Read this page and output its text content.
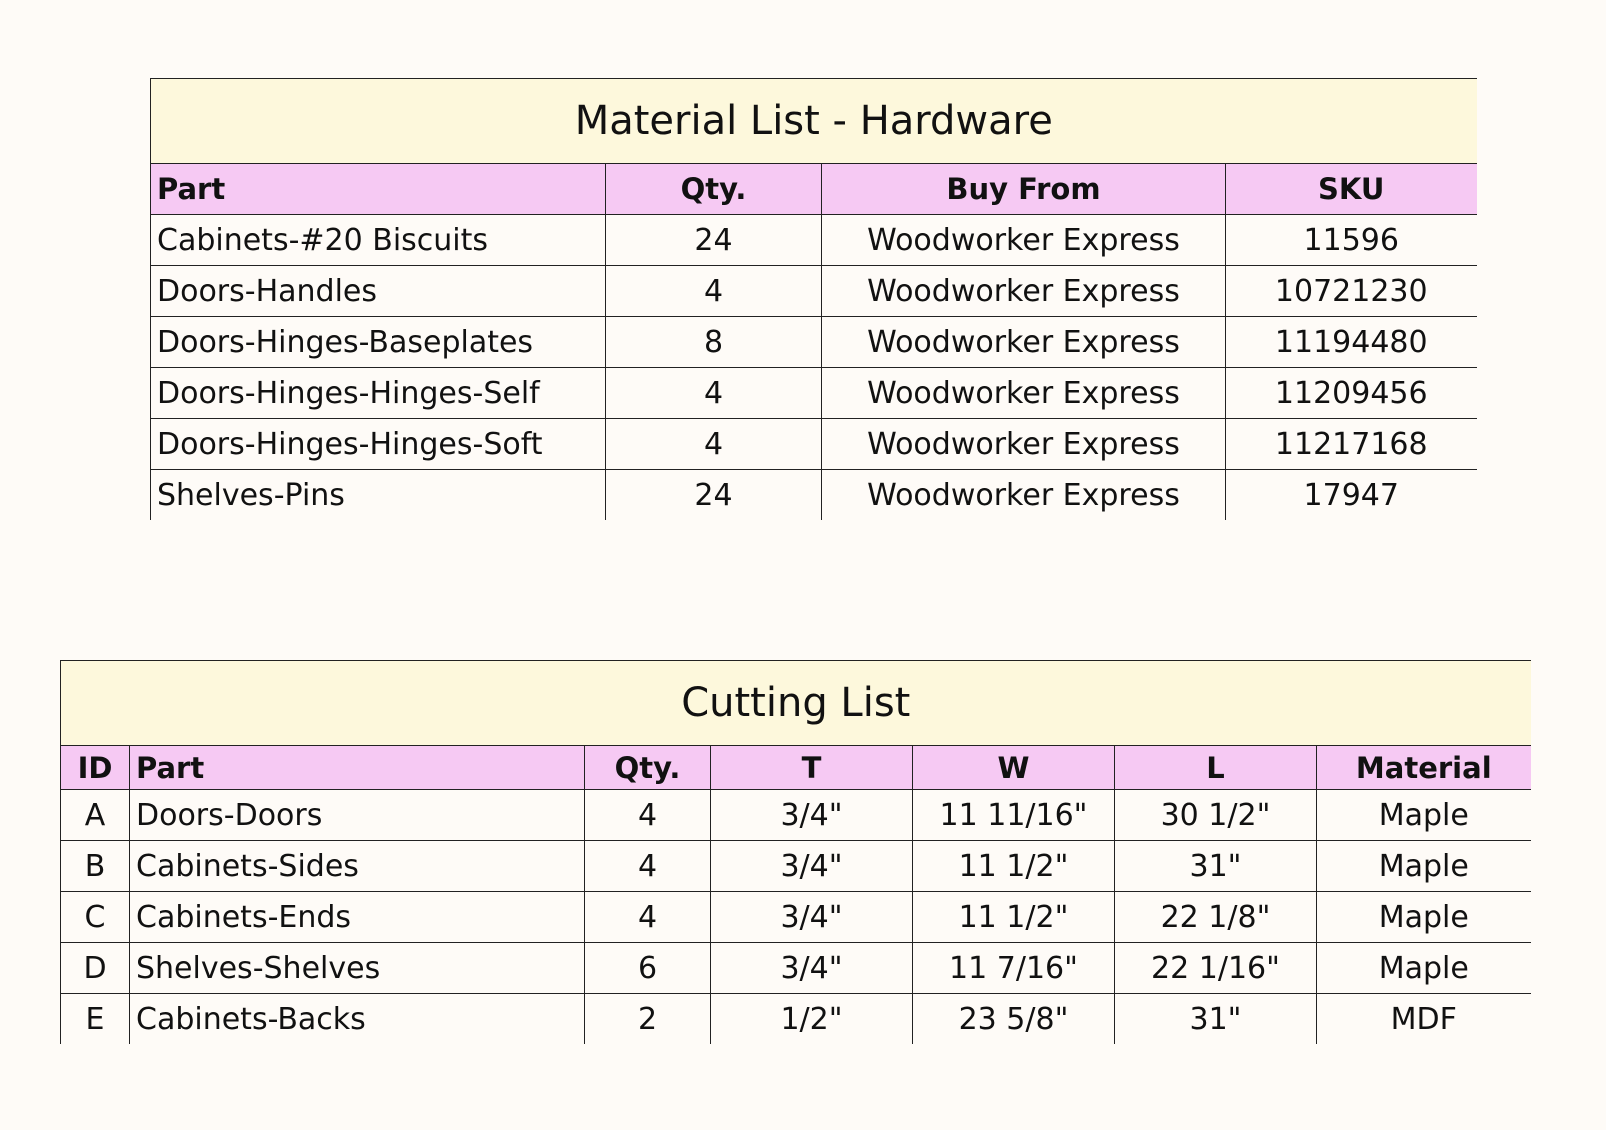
Material List - Hardware			
Part	Qty.	Buy From	SKU
Cabinets-#20 Biscuits	24	Woodworker Express	11596
Doors-Handles	4	Woodworker Express	10721230
Doors-Hinges-Baseplates	8	Woodworker Express	11194480
Doors-Hinges-Hinges-Self	4	Woodworker Express	11209456
Doors-Hinges-Hinges-Soft	4	Woodworker Express	11217168
Shelves-Pins	24	Woodworker Express	17947
Cutting List						
ID	Part	Qty.	T	W	L	Material
A	Doors-Doors	4	3/4"	11 11/16"	30 1/2"	Maple
B	Cabinets-Sides	4	3/4"	11 1/2"	31"	Maple
C	Cabinets-Ends	4	3/4"	11 1/2"	22 1/8"	Maple
D	Shelves-Shelves	6	3/4"	11 7/16"	22 1/16"	Maple
E	Cabinets-Backs	2	1/2"	23 5/8"	31"	MDF
